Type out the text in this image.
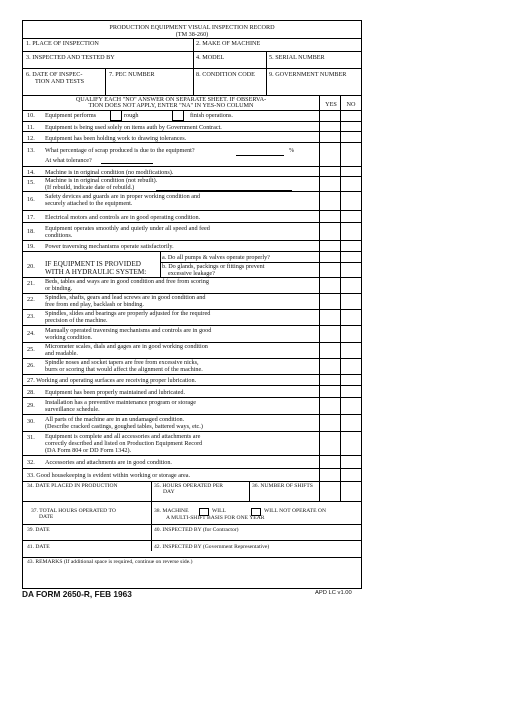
PRODUCTION EQUIPMENT VISUAL INSPECTION RECORD
(TM 38-260)
1. PLACE OF INSPECTION	2. MAKE OF MACHINE
3. INSPECTED AND TESTED BY	4. MODEL	5. SERIAL NUMBER
6. DATE OF INSPEC-
TION AND TESTS
7. PEC NUMBER	8. CONDITION CODE 9. GOVERNMENT NUMBER
QUALIFY EACH "NO" ANSWER ON SEPARATE SHEET. IF OBSERVA-
TION DOES NOT APPLY, ENTER "NA" IN YES-NO COLUMN	YES	NO
10. Equipment performs	rough	finish operations.
11. Equipment is being used solely on items auth by Government Contract.
12. Equipment has been holding work to drawing tolerances.
13. What percentage of scrap produced is due to the equipment?	%
At what tolerance?
14. Machine is in original condition (no modifications).
15. Machine is in original condition (not rebuilt).
(If rebuild, indicate date of rebuild.)
16. Safety devices and guards are in proper working condition and
securely attached to the equipment.
17. Electrical motors and controls are in good operating condition.
18. Equipment operates smoothly and quietly under all speed and feed
conditions.
19. Power traversing mechanisms operate satisfactorily.
20. IF EQUIPMENT IS PROVIDED
WITH A HYDRAULIC SYSTEM:
a. Do all pumps & valves operate properly?
b. Do glands, packings or fittings prevent
excessive leakage?
21. Beds, tables and ways are in good condition and free from scoring
or binding.
22. Spindles, shafts, gears and lead screws are in good condition and
free from end play, backlash or binding.
23. Spindles, slides and bearings are properly adjusted for the required
precision of the machine.
24. Manually operated traversing mechanisms and controls are in good
working condition.
25. Micrometer scales, dials and gages are in good working condition
and readable.
26. Spindle noses and socket tapers are free from excessive nicks,
burrs or scoring that would affect the alignment of the machine.
27. Working and operating surfaces are receiving proper lubrication.
28. Equipment has been properly maintained and lubricated.
29. Installation has a preventive maintenance program or storage
surveillance schedule.
30. All parts of the machine are in an undamaged condition.
(Describe cracked castings, goughed tables, battered ways, etc.)
31. Equipment is complete and all accessories and attachments are
correctly described and listed on Production Equipment Record
(DA Form 804 or DD Form 1342).
32. Accessories and attachments are in good condition.
33. Good housekeeping is evident within working or storage area.
34. DATE PLACED IN PRODUCTION	35. HOURS OPERATED PER
DAY
36. NUMBER OF SHIFTS
37. TOTAL HOURS OPERATED TO
DATE
38. MACHINE	WILL	WILL NOT OPERATE ON
A MULTI-SHIFT BASIS FOR ONE YEAR
39. DATE	40. INSPECTED BY (for Contractor)
41. DATE	42. INSPECTED BY (Government Representative)
43. REMARKS (If additional space is required, continue on reverse side.)
DA FORM 2650-R, FEB 1963	APD LC v1.00
